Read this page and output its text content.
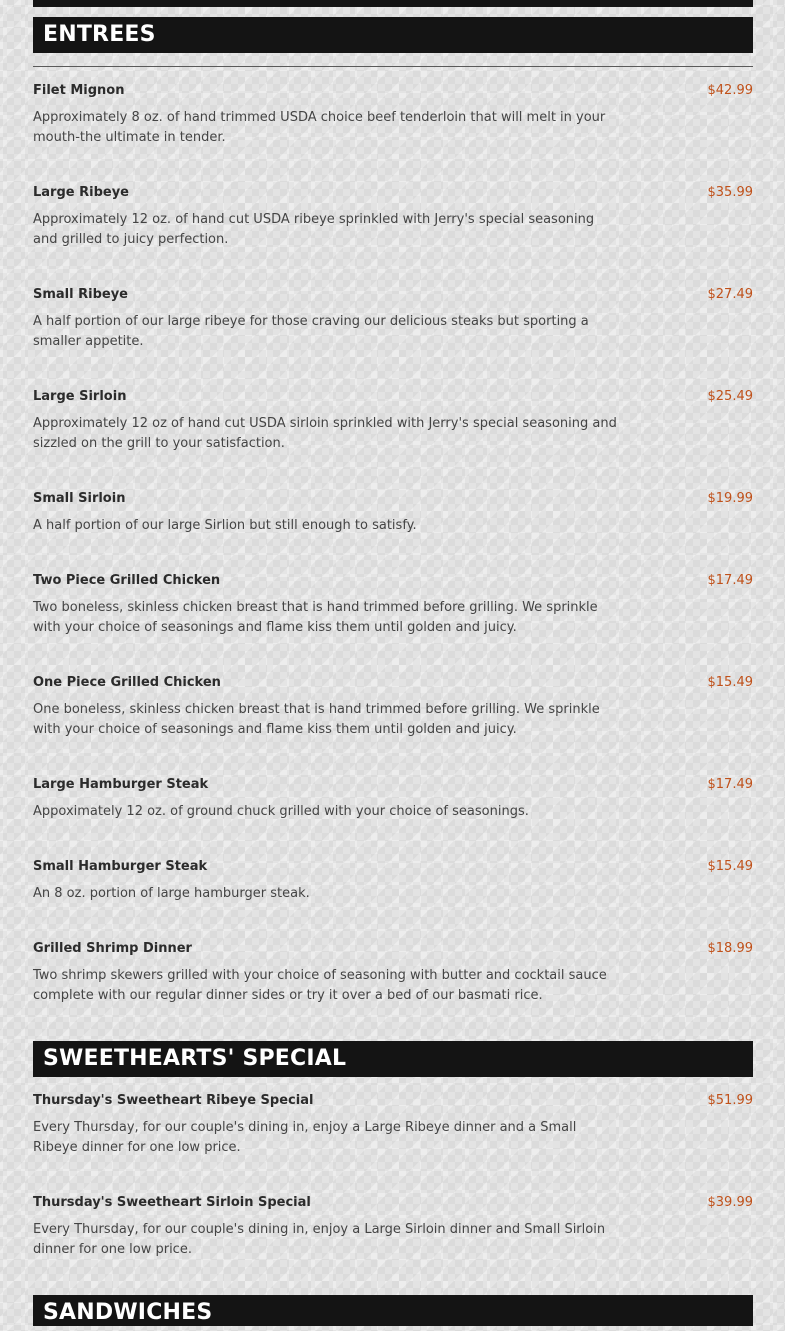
ENTREES
Filet Mignon	$42.99
Approximately 8 oz. of hand trimmed USDA choice beef tenderloin that will melt in your mouth-the ultimate in tender.
Large Ribeye	$35.99
Approximately 12 oz. of hand cut USDA ribeye sprinkled with Jerry's special seasoning and grilled to juicy perfection.
Small Ribeye	$27.49
A half portion of our large ribeye for those craving our delicious steaks but sporting a smaller appetite.
Large Sirloin	$25.49
Approximately 12 oz of hand cut USDA sirloin sprinkled with Jerry's special seasoning and sizzled on the grill to your satisfaction.
Small Sirloin	$19.99
A half portion of our large Sirlion but still enough to satisfy.
Two Piece Grilled Chicken	$17.49
Two boneless, skinless chicken breast that is hand trimmed before grilling. We sprinkle with your choice of seasonings and flame kiss them until golden and juicy.
One Piece Grilled Chicken	$15.49
One boneless, skinless chicken breast that is hand trimmed before grilling. We sprinkle with your choice of seasonings and flame kiss them until golden and juicy.
Large Hamburger Steak	$17.49
Appoximately 12 oz. of ground chuck grilled with your choice of seasonings.
Small Hamburger Steak	$15.49
An 8 oz. portion of large hamburger steak.
Grilled Shrimp Dinner	$18.99
Two shrimp skewers grilled with your choice of seasoning with butter and cocktail sauce complete with our regular dinner sides or try it over a bed of our basmati rice.
SWEETHEARTS' SPECIAL
Thursday's Sweetheart Ribeye Special	$51.99
Every Thursday, for our couple's dining in, enjoy a Large Ribeye dinner and a Small Ribeye dinner for one low price.
Thursday's Sweetheart Sirloin Special	$39.99
Every Thursday, for our couple's dining in, enjoy a Large Sirloin dinner and Small Sirloin dinner for one low price.
SANDWICHES
